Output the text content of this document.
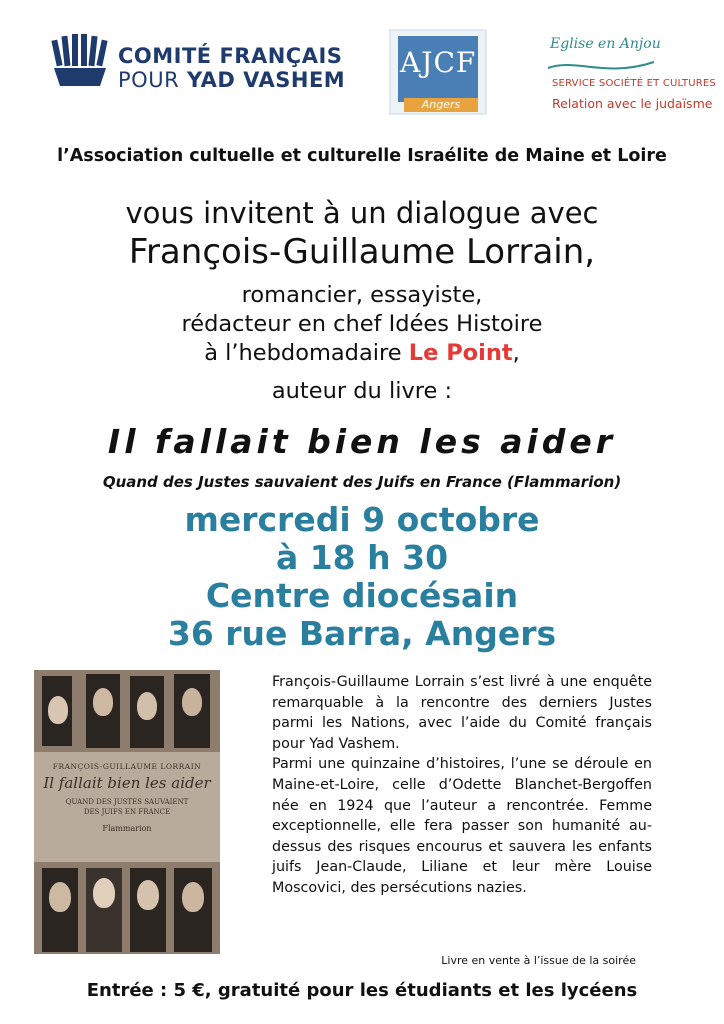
COMITÉ FRANÇAIS
POUR YAD VASHEM
AJCF
Angers
Eglise en Anjou
SERVICE SOCIÉTÉ ET CULTURES
Relation avec le judaïsme
l’Association cultuelle et culturelle Israélite de Maine et Loire
vous invitent à un dialogue avec
François-Guillaume Lorrain,
romancier, essayiste,
rédacteur en chef Idées Histoire
à l’hebdomadaire Le Point,
auteur du livre :
Il fallait bien les aider
Quand des Justes sauvaient des Juifs en France (Flammarion)
mercredi 9 octobre
à 18 h 30
Centre diocésain
36 rue Barra, Angers
FRANÇOIS-GUILLAUME LORRAIN
Il fallait bien les aider
QUAND DES JUSTES SAUVAIENT
DES JUIFS EN FRANCE
Flammarion

François-Guillaume Lorrain s’est livré à une enquête remarquable à la rencontre des derniers Justes parmi les Nations, avec l’aide du Comité français pour Yad Vashem.

Parmi une quinzaine d’histoires, l’une se déroule en Maine-et-Loire, celle d’Odette Blanchet-Bergoffen née en 1924 que l’auteur a rencontrée. Femme exceptionnelle, elle fera passer son humanité au-dessus des risques encourus et sauvera les enfants juifs Jean-Claude, Liliane et leur mère Louise Moscovici, des persécutions nazies.

Livre en vente à l’issue de la soirée
Entrée : 5 €, gratuité pour les étudiants et les lycéens
